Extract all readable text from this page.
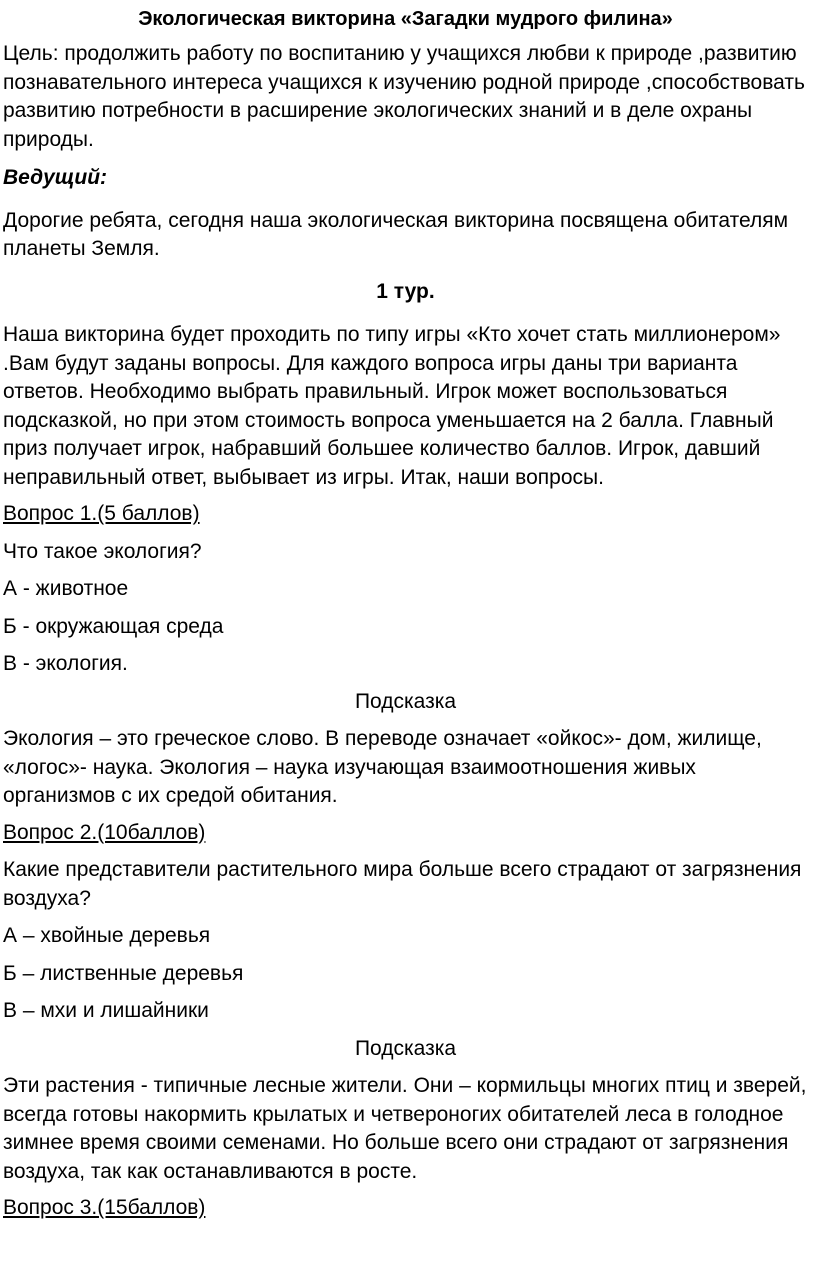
Экологическая викторина «Загадки мудрого филина»

Цель: продолжить работу по воспитанию у учащихся любви к природе ,развитию познавательного интереса учащихся к изучению родной природе ,способствовать развитию потребности в расширение экологических знаний и в деле охраны природы.

Ведущий:

Дорогие ребята, сегодня наша экологическая викторина посвящена обитателям планеты Земля.

1 тур.

Наша викторина будет проходить по типу игры «Кто хочет стать миллионером» .Вам будут заданы вопросы. Для каждого вопроса игры даны три варианта ответов. Необходимо выбрать правильный. Игрок может воспользоваться подсказкой, но при этом стоимость вопроса уменьшается на 2 балла. Главный приз получает игрок, набравший большее количество баллов. Игрок, давший неправильный ответ, выбывает из игры. Итак, наши вопросы.

Вопрос 1.(5 баллов)

Что такое экология?

А - животное

Б - окружающая среда

В - экология.

Подсказка

Экология – это греческое слово. В переводе означает «ойкос»- дом, жилище, «логос»- наука. Экология – наука изучающая взаимоотношения живых организмов с их средой обитания.

Вопрос 2.(10баллов)

Какие представители растительного мира больше всего страдают от загрязнения воздуха?

А – хвойные деревья

Б – лиственные деревья

В – мхи и лишайники

Подсказка

Эти растения - типичные лесные жители. Они – кормильцы многих птиц и зверей, всегда готовы накормить крылатых и четвероногих обитателей леса в голодное зимнее время своими семенами. Но больше всего они страдают от загрязнения воздуха, так как останавливаются в росте.

Вопрос 3.(15баллов)
